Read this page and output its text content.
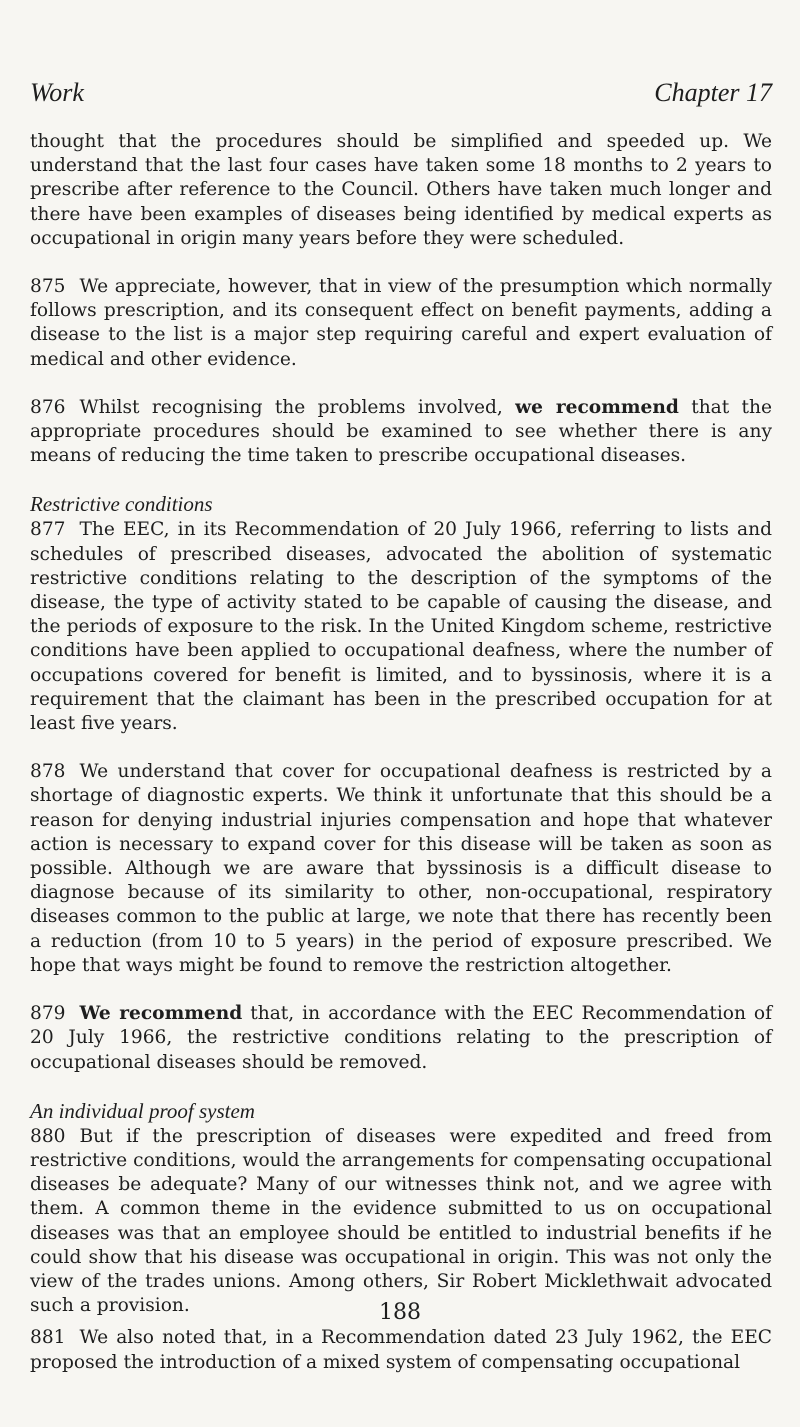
Work	Chapter 17

thought that the procedures should be simplified and speeded up. We understand that the last four cases have taken some 18 months to 2 years to prescribe after reference to the Council. Others have taken much longer and there have been examples of diseases being identified by medical experts as occupational in origin many years before they were scheduled.

875 We appreciate, however, that in view of the presumption which normally follows prescription, and its consequent effect on benefit payments, adding a disease to the list is a major step requiring careful and expert evaluation of medical and other evidence.

876 Whilst recognising the problems involved, we recommend that the appropriate procedures should be examined to see whether there is any means of reducing the time taken to prescribe occupational diseases.

Restrictive conditions

877 The EEC, in its Recommendation of 20 July 1966, referring to lists and schedules of prescribed diseases, advocated the abolition of systematic restrictive conditions relating to the description of the symptoms of the disease, the type of activity stated to be capable of causing the disease, and the periods of exposure to the risk. In the United Kingdom scheme, restrictive conditions have been applied to occupational deafness, where the number of occupations covered for benefit is limited, and to byssinosis, where it is a requirement that the claimant has been in the prescribed occupation for at least five years.

878 We understand that cover for occupational deafness is restricted by a shortage of diagnostic experts. We think it unfortunate that this should be a reason for denying industrial injuries compensation and hope that whatever action is necessary to expand cover for this disease will be taken as soon as possible. Although we are aware that byssinosis is a difficult disease to diagnose because of its similarity to other, non-occupational, respiratory diseases common to the public at large, we note that there has recently been a reduction (from 10 to 5 years) in the period of exposure prescribed. We hope that ways might be found to remove the restriction altogether.

879 We recommend that, in accordance with the EEC Recommendation of 20 July 1966, the restrictive conditions relating to the prescription of occupational diseases should be removed.

An individual proof system

880 But if the prescription of diseases were expedited and freed from restrictive conditions, would the arrangements for compensating occupational diseases be adequate? Many of our witnesses think not, and we agree with them. A common theme in the evidence submitted to us on occupational diseases was that an employee should be entitled to industrial benefits if he could show that his disease was occupational in origin. This was not only the view of the trades unions. Among others, Sir Robert Micklethwait advocated such a provision.

881 We also noted that, in a Recommendation dated 23 July 1962, the EEC proposed the introduction of a mixed system of compensating occupational

188
